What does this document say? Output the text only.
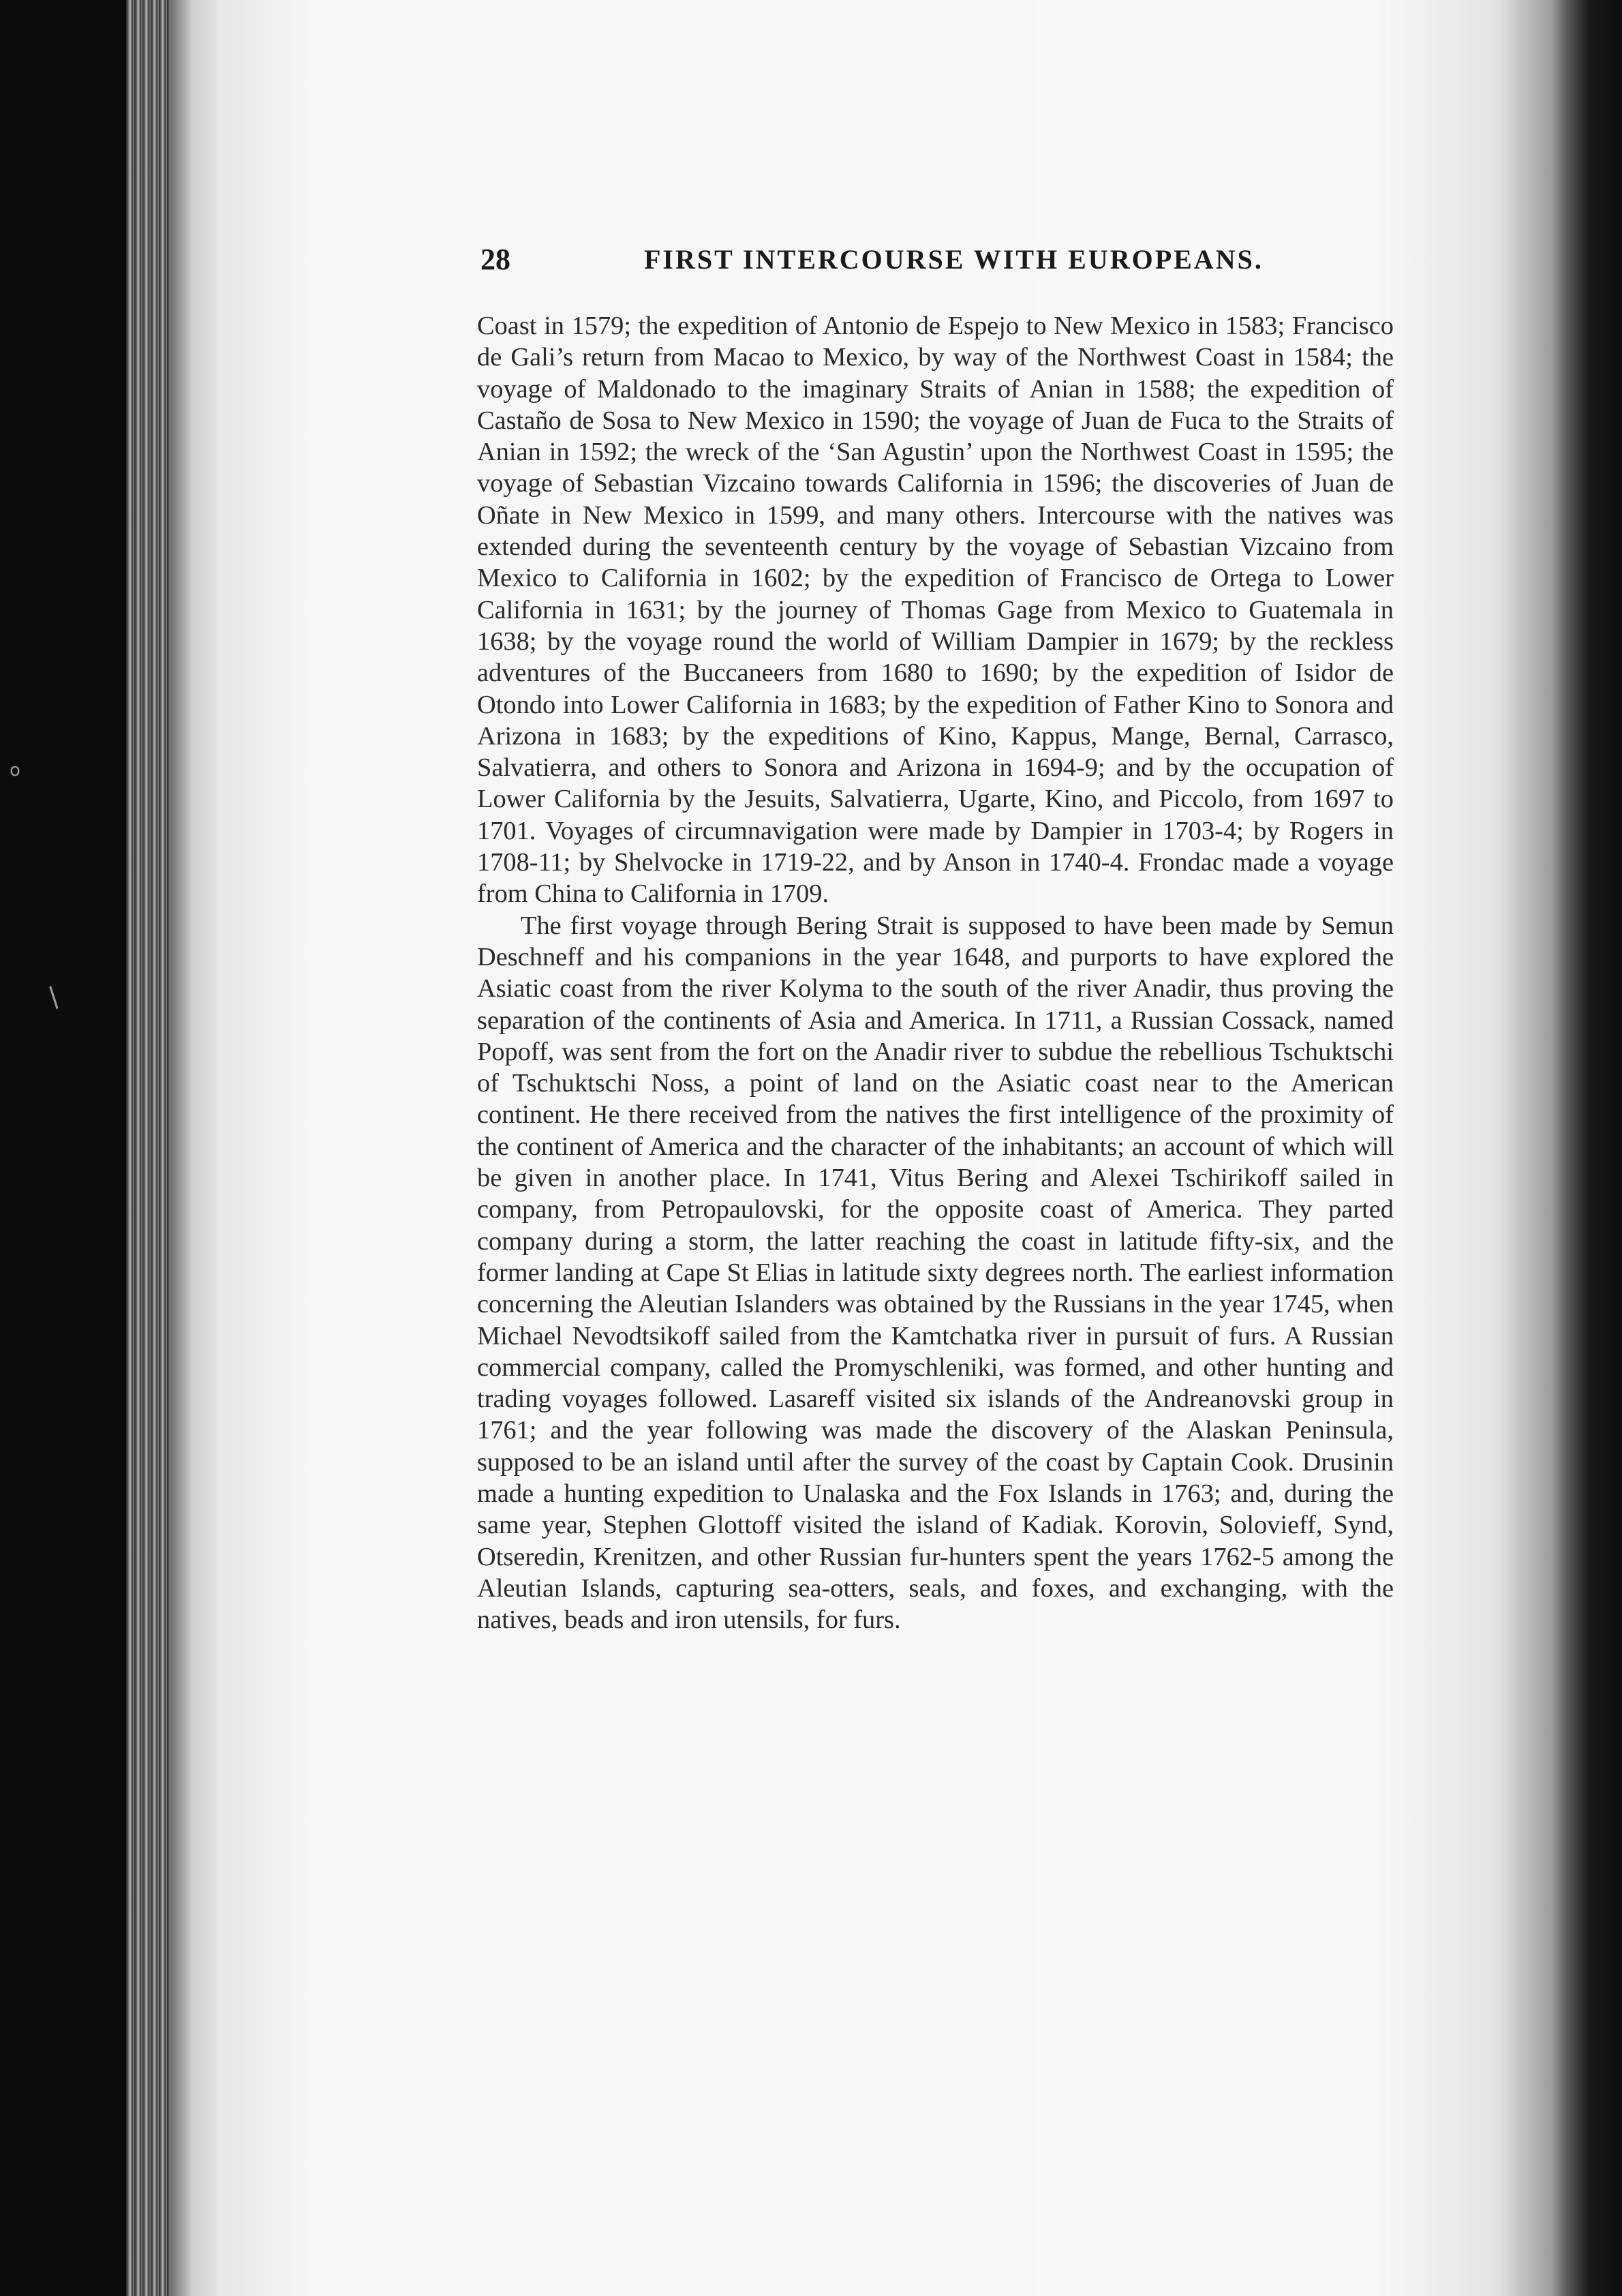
o
/
28	FIRST INTERCOURSE WITH EUROPEANS.

Coast in 1579; the expedition of Antonio de Espejo to New Mexico in 1583; Francisco de Gali’s return from Macao to Mexico, by way of the Northwest Coast in 1584; the voyage of Maldonado to the imaginary Straits of Anian in 1588; the expedition of Castaño de Sosa to New Mexico in 1590; the voyage of Juan de Fuca to the Straits of Anian in 1592; the wreck of the ‘San Agustin’ upon the Northwest Coast in 1595; the voyage of Sebastian Vizcaino towards California in 1596; the discoveries of Juan de Oñate in New Mexico in 1599, and many others. Intercourse with the natives was extended during the seventeenth century by the voyage of Sebastian Vizcaino from Mexico to California in 1602; by the expedition of Francisco de Ortega to Lower California in 1631; by the journey of Thomas Gage from Mexico to Guatemala in 1638; by the voyage round the world of William Dampier in 1679; by the reckless adventures of the Buccaneers from 1680 to 1690; by the expedition of Isidor de Otondo into Lower California in 1683; by the expedition of Father Kino to Sonora and Arizona in 1683; by the expeditions of Kino, Kappus, Mange, Bernal, Carrasco, Salvatierra, and others to Sonora and Arizona in 1694-9; and by the occupation of Lower California by the Jesuits, Salvatierra, Ugarte, Kino, and Piccolo, from 1697 to 1701. Voyages of circumnavigation were made by Dampier in 1703-4; by Rogers in 1708-11; by Shelvocke in 1719-22, and by Anson in 1740-4. Frondac made a voyage from China to California in 1709.

The first voyage through Bering Strait is supposed to have been made by Semun Deschneff and his companions in the year 1648, and purports to have explored the Asiatic coast from the river Kolyma to the south of the river Anadir, thus proving the separation of the continents of Asia and America. In 1711, a Russian Cossack, named Popoff, was sent from the fort on the Anadir river to subdue the rebellious Tschuktschi of Tschuktschi Noss, a point of land on the Asiatic coast near to the American continent. He there received from the natives the first intelligence of the proximity of the continent of America and the character of the inhabitants; an account of which will be given in another place. In 1741, Vitus Bering and Alexei Tschirikoff sailed in company, from Petropaulovski, for the opposite coast of America. They parted company during a storm, the latter reaching the coast in latitude fifty-six, and the former landing at Cape St Elias in latitude sixty degrees north. The earliest information concerning the Aleutian Islanders was obtained by the Russians in the year 1745, when Michael Nevodtsikoff sailed from the Kamtchatka river in pursuit of furs. A Russian commercial company, called the Promyschleniki, was formed, and other hunting and trading voyages followed. Lasareff visited six islands of the Andreanovski group in 1761; and the year following was made the discovery of the Alaskan Peninsula, supposed to be an island until after the survey of the coast by Captain Cook. Drusinin made a hunting expedition to Unalaska and the Fox Islands in 1763; and, during the same year, Stephen Glottoff visited the island of Kadiak. Korovin, Solovieff, Synd, Otseredin, Krenitzen, and other Russian fur-hunters spent the years 1762-5 among the Aleutian Islands, capturing sea-otters, seals, and foxes, and exchanging, with the natives, beads and iron utensils, for furs.
